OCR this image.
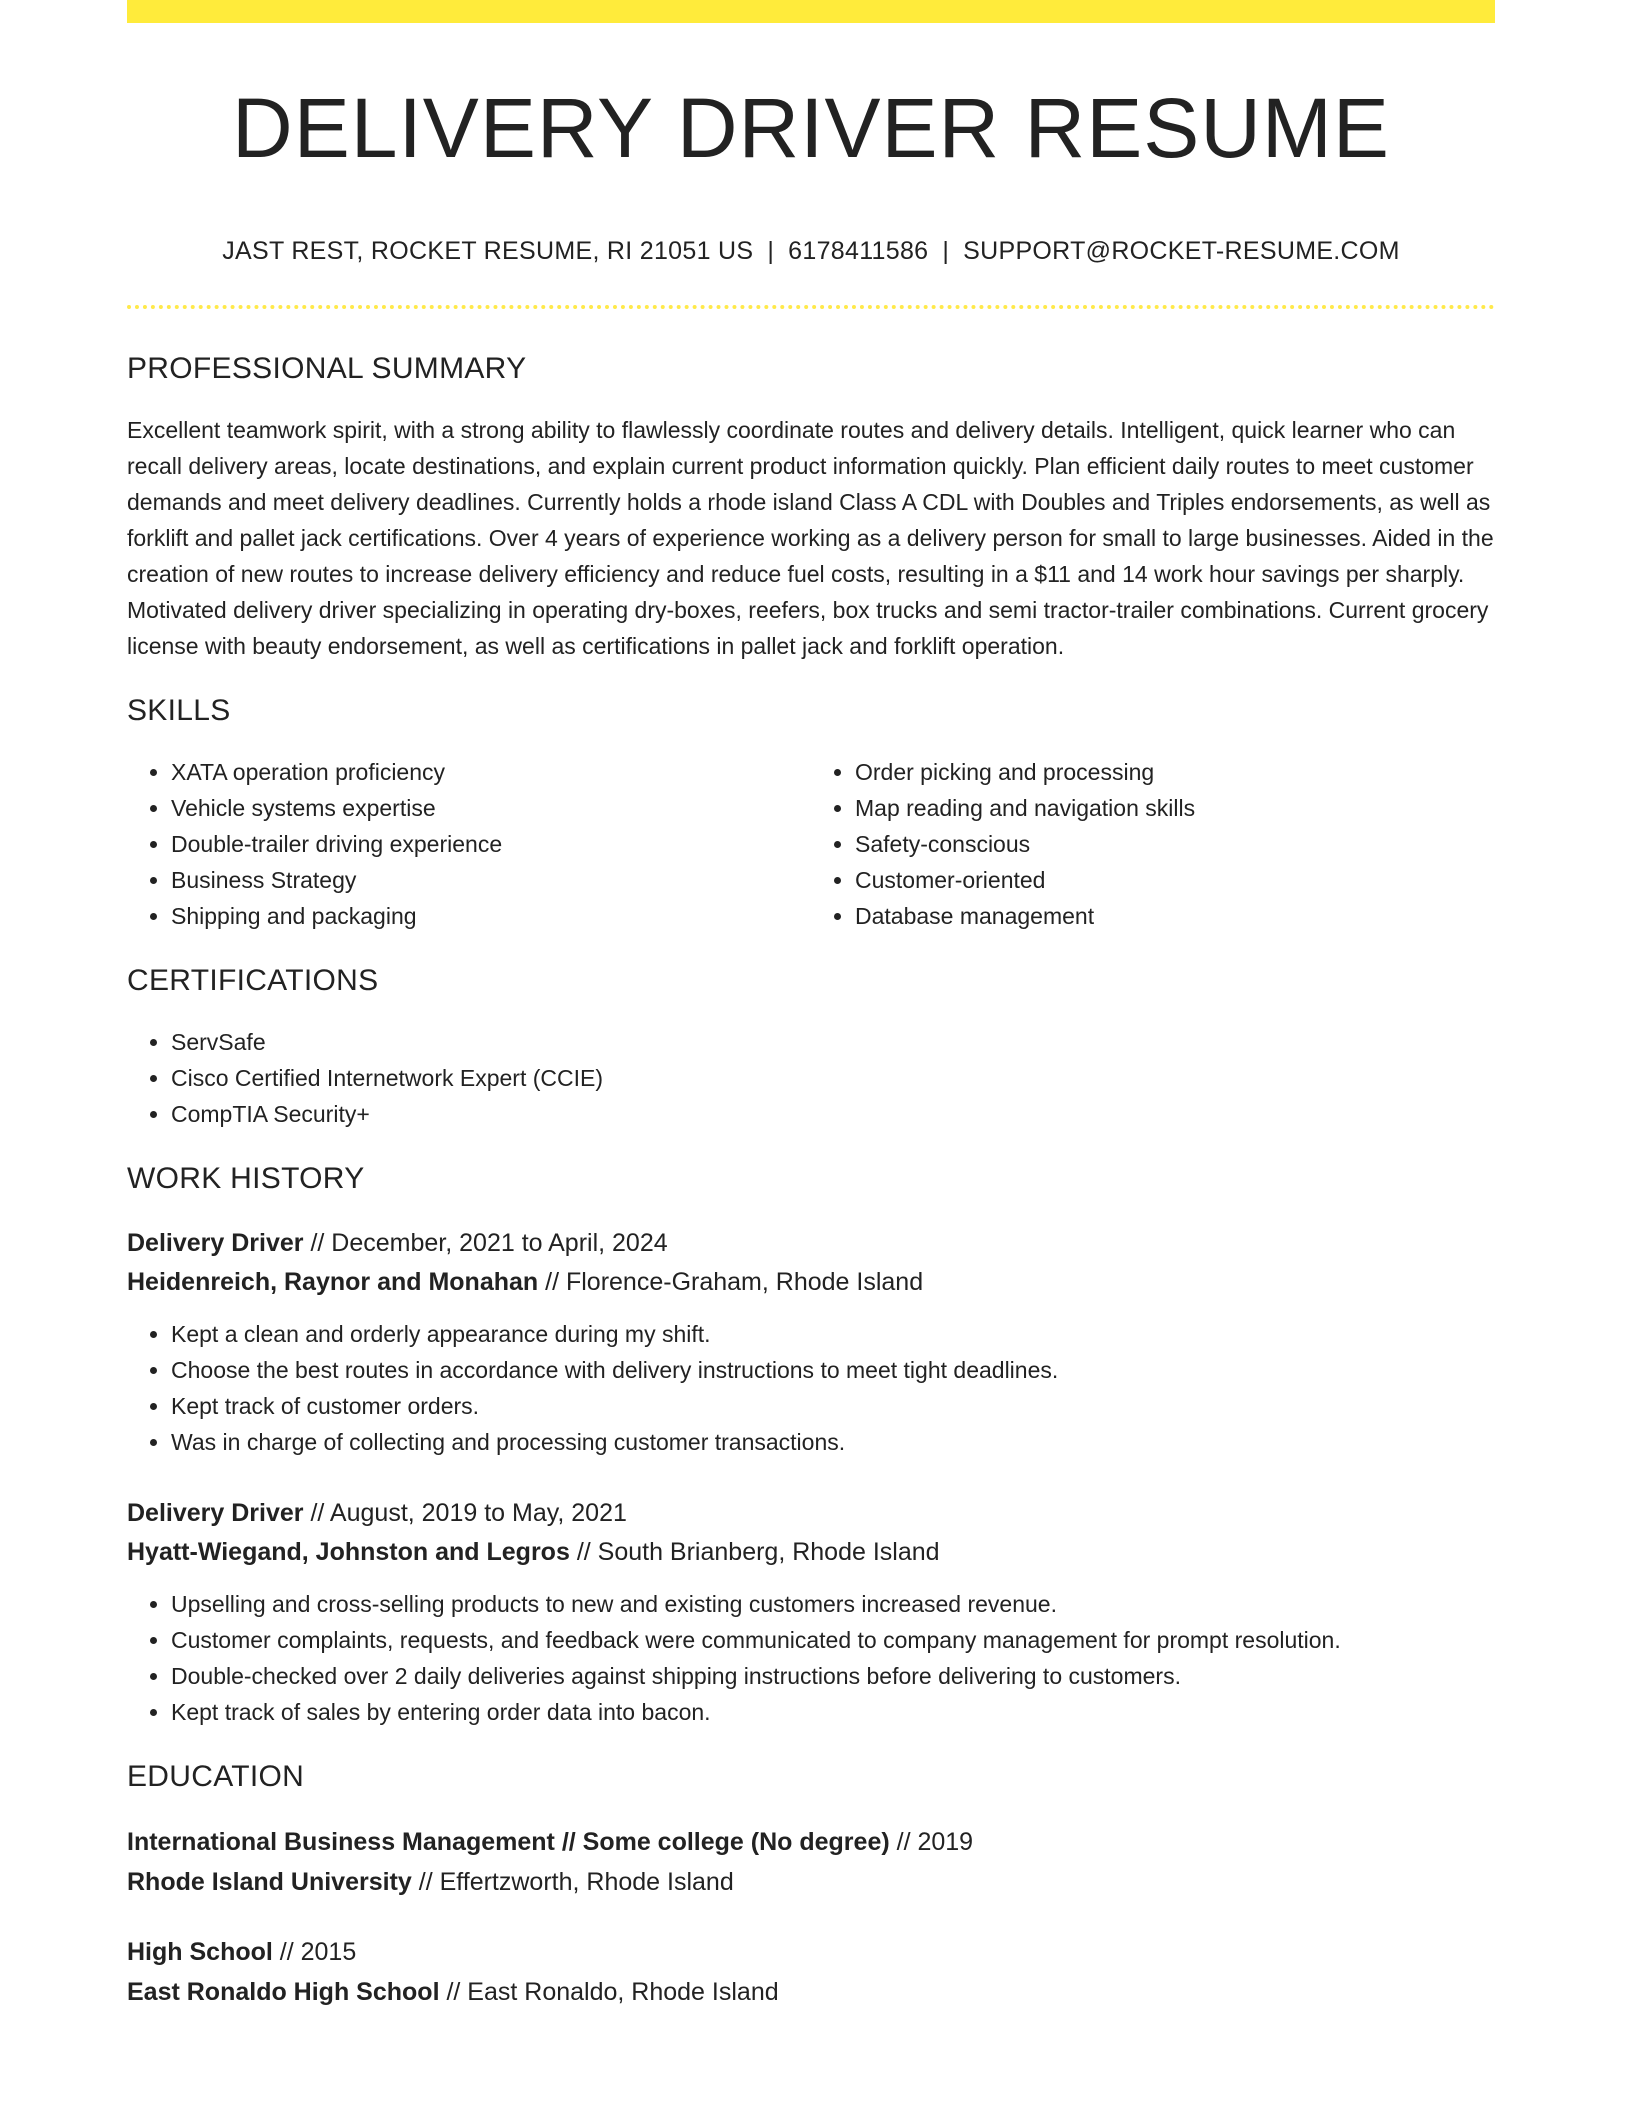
DELIVERY DRIVER RESUME
JAST REST, ROCKET RESUME, RI 21051 US | 6178411586 | SUPPORT@ROCKET-RESUME.COM
PROFESSIONAL SUMMARY

Excellent teamwork spirit, with a strong ability to flawlessly coordinate routes and delivery details. Intelligent, quick learner who can recall delivery areas, locate destinations, and explain current product information quickly. Plan efficient daily routes to meet customer demands and meet delivery deadlines. Currently holds a rhode island Class A CDL with Doubles and Triples endorsements, as well as forklift and pallet jack certifications. Over 4 years of experience working as a delivery person for small to large businesses. Aided in the creation of new routes to increase delivery efficiency and reduce fuel costs, resulting in a $11 and 14 work hour savings per sharply. Motivated delivery driver specializing in operating dry-boxes, reefers, box trucks and semi tractor-trailer combinations. Current grocery license with beauty endorsement, as well as certifications in pallet jack and forklift operation.

SKILLS
• XATA operation proficiency
• Vehicle systems expertise
• Double-trailer driving experience
• Business Strategy
• Shipping and packaging
• Order picking and processing
• Map reading and navigation skills
• Safety-conscious
• Customer-oriented
• Database management
CERTIFICATIONS
• ServSafe
• Cisco Certified Internetwork Expert (CCIE)
• CompTIA Security+
WORK HISTORY
Delivery Driver // December, 2021 to April, 2024
Heidenreich, Raynor and Monahan // Florence-Graham, Rhode Island
• Kept a clean and orderly appearance during my shift.
• Choose the best routes in accordance with delivery instructions to meet tight deadlines.
• Kept track of customer orders.
• Was in charge of collecting and processing customer transactions.
Delivery Driver // August, 2019 to May, 2021
Hyatt-Wiegand, Johnston and Legros // South Brianberg, Rhode Island
• Upselling and cross-selling products to new and existing customers increased revenue.
• Customer complaints, requests, and feedback were communicated to company management for prompt resolution.
• Double-checked over 2 daily deliveries against shipping instructions before delivering to customers.
• Kept track of sales by entering order data into bacon.
EDUCATION
International Business Management // Some college (No degree) // 2019
Rhode Island University // Effertzworth, Rhode Island
High School // 2015
East Ronaldo High School // East Ronaldo, Rhode Island
